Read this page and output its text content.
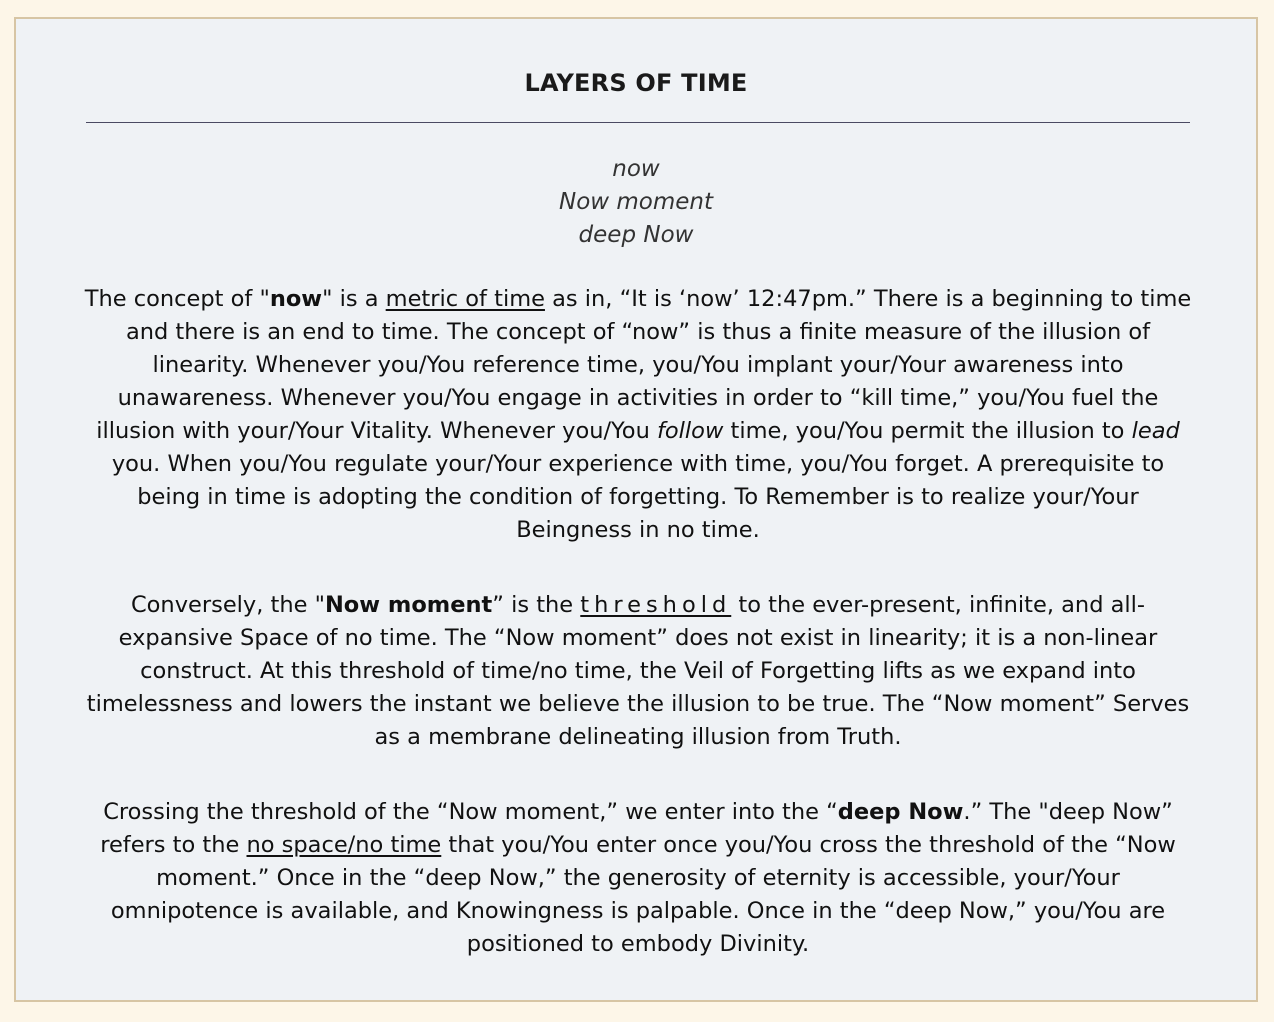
LAYERS OF TIME
now
Now moment
deep Now

The concept of "now" is a metric of time as in, “It is ‘now’ 12:47pm.” There is a beginning to time and there is an end to time. The concept of “now” is thus a finite measure of the illusion of linearity. Whenever you/You reference time, you/You implant your/Your awareness into unawareness. Whenever you/You engage in activities in order to “kill time,” you/You fuel the illusion with your/Your Vitality. Whenever you/You follow time, you/You permit the illusion to lead you. When you/You regulate your/Your experience with time, you/You forget. A prerequisite to being in time is adopting the condition of forgetting. To Remember is to realize your/Your Beingness in no time.

Conversely, the "Now moment” is the threshold to the ever-present, infinite, and all-expansive Space of no time. The “Now moment” does not exist in linearity; it is a non-linear construct. At this threshold of time/no time, the Veil of Forgetting lifts as we expand into timelessness and lowers the instant we believe the illusion to be true. The “Now moment” Serves as a membrane delineating illusion from Truth.

Crossing the threshold of the “Now moment,” we enter into the “deep Now.” The "deep Now” refers to the no space/no time that you/You enter once you/You cross the threshold of the “Now moment.” Once in the “deep Now,” the generosity of eternity is accessible, your/Your omnipotence is available, and Knowingness is palpable. Once in the “deep Now,” you/You are positioned to embody Divinity.
